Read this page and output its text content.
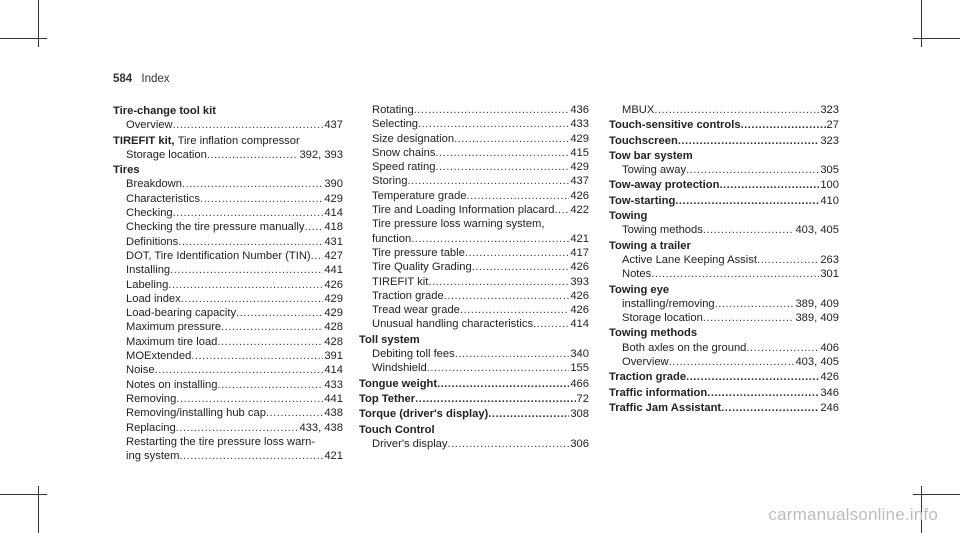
584 Index
Tire-change tool kit
Overview .....	437
TIREFIT kit, Tire inflation compressor
Storage location .....	392, 393
Tires
Breakdown .....	390
Characteristics .....	429
Checking .....	414
Checking the tire pressure manually ..... 418
Definitions .....	431
DOT, Tire Identification Number (TIN) ..... 427
Installing .....	441
Labeling .....	426
Load index .....	429
Load-bearing capacity .....	429
Maximum pressure .....	428
Maximum tire load .....	428
MOExtended .....	391
Noise .....	414
Notes on installing .....	433
Removing .....	441
Removing/installing hub cap .....	438
Replacing .....	433, 438
Restarting the tire pressure loss warn-
ing system .....	421
Rotating .....	436
Selecting .....	433
Size designation .....	429
Snow chains .....	415
Speed rating .....	429
Storing .....	437
Temperature grade .....	426
Tire and Loading Information placard ..... 422
Tire pressure loss warning system,
function .....	421
Tire pressure table .....	417
Tire Quality Grading .....	426
TIREFIT kit .....	393
Traction grade .....	426
Tread wear grade .....	426
Unusual handling characteristics .....	414
Toll system
Debiting toll fees .....	340
Windshield .....	155
Tongue weight .....	466
Top Tether .....	72
Torque (driver's display) .....	308
Touch Control
Driver's display .....	306
MBUX .....	323
Touch-sensitive controls .....	27
Touchscreen .....	323
Tow bar system
Towing away .....	305
Tow-away protection .....	100
Tow-starting .....	410
Towing
Towing methods .....	403, 405
Towing a trailer
Active Lane Keeping Assist .....	263
Notes .....	301
Towing eye
installing/removing .....	389, 409
Storage location .....	389, 409
Towing methods
Both axles on the ground .....	406
Overview .....	403, 405
Traction grade .....	426
Traffic information .....	346
Traffic Jam Assistant .....	246
carmanualsonline.info
